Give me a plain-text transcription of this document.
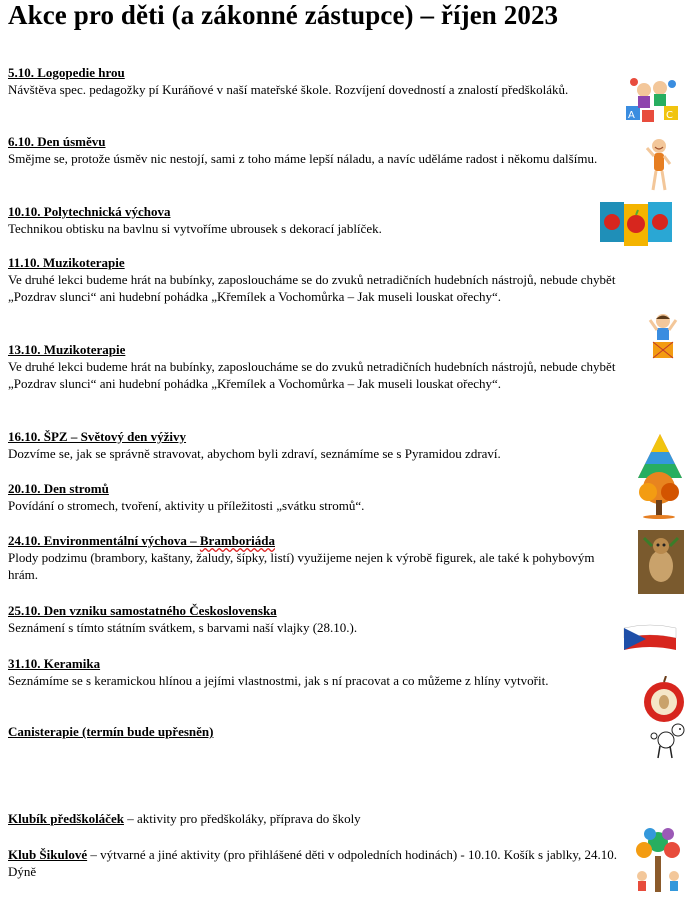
Akce pro děti (a zákonné zástupce) – říjen 2023
5.10. Logopedie hrou
Návštěva spec. pedagožky pí Kuráňové v naší mateřské škole. Rozvíjení dovedností a znalostí předškoláků.
6.10. Den úsměvu
Smějme se, protože úsměv nic nestojí, sami z toho máme lepší náladu, a navíc uděláme radost i někomu dalšímu.
10.10. Polytechnická výchova
Technikou obtisku na bavlnu si vytvoříme ubrousek s dekorací jablíček.
11.10. Muzikoterapie
Ve druhé lekci budeme hrát na bubínky, zaposloucháme se do zvuků netradičních hudebních nástrojů, nebude chybět „Pozdrav slunci“ ani hudební pohádka „Křemílek a Vochomůrka – Jak museli louskat ořechy“.
13.10. Muzikoterapie
Ve druhé lekci budeme hrát na bubínky, zaposloucháme se do zvuků netradičních hudebních nástrojů, nebude chybět „Pozdrav slunci“ ani hudební pohádka „Křemílek a Vochomůrka – Jak museli louskat ořechy“.
16.10. ŠPZ – Světový den výživy
Dozvíme se, jak se správně stravovat, abychom byli zdraví, seznámíme se s Pyramidou zdraví.
20.10. Den stromů
Povídání o stromech, tvoření, aktivity u příležitosti „svátku stromů“.
24.10. Environmentální výchova – Bramboriáda
Plody podzimu (brambory, kaštany, žaludy, šípky, listí) využijeme nejen k výrobě figurek, ale také k pohybovým hrám.
25.10. Den vzniku samostatného Československa
Seznámení s tímto státním svátkem, s barvami naší vlajky (28.10.).
31.10. Keramika
Seznámíme se s keramickou hlínou a jejími vlastnostmi, jak s ní pracovat a co můžeme z hlíny vytvořit.
Canisterapie (termín bude upřesněn)
Klubík předškoláček – aktivity pro předškoláky, příprava do školy
Klub Šikulové – výtvarné a jiné aktivity (pro přihlášené děti v odpoledních hodinách) - 10.10. Košík s jablky, 24.10. Dýně
A	C
